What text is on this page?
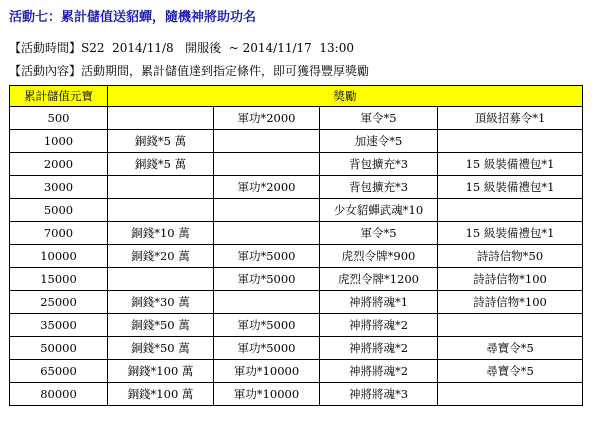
活動七：累計儲值送貂蟬，隨機神將助功名
【活動時間】S22  2014/11/8   開服後  ~ 2014/11/17  13:00
【活動內容】活動期間，累計儲值達到指定條件，即可獲得豐厚獎勵
累計儲值元寶	獎勵			
500		軍功*2000	軍令*5	頂級招募令*1
1000	銅錢*5 萬		加速令*5	
2000	銅錢*5 萬		背包擴充*3	15 級裝備禮包*1
3000		軍功*2000	背包擴充*3	15 級裝備禮包*1
5000			少女貂蟬武魂*10	
7000	銅錢*10 萬		軍令*5	15 級裝備禮包*1
10000	銅錢*20 萬	軍功*5000	虎烈令牌*900	詩詩信物*50
15000		軍功*5000	虎烈令牌*1200	詩詩信物*100
25000	銅錢*30 萬		神將將魂*1	詩詩信物*100
35000	銅錢*50 萬	軍功*5000	神將將魂*2	
50000	銅錢*50 萬	軍功*5000	神將將魂*2	尋寶令*5
65000	銅錢*100 萬	軍功*10000	神將將魂*2	尋寶令*5
80000	銅錢*100 萬	軍功*10000	神將將魂*3	
